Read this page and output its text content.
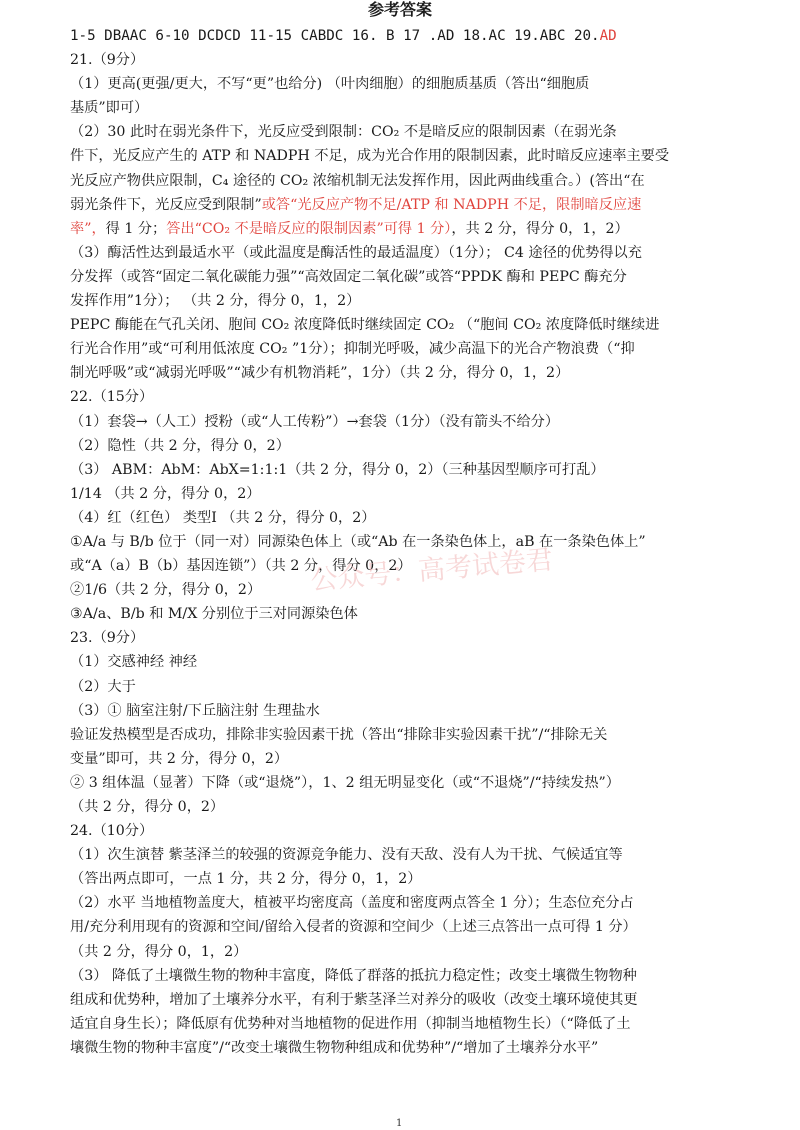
参考答案
1-5 DBAAC 6-10 DCDCD 11-15 CABDC 16. B 17 .AD 18.AC 19.ABC 20.AD
21.（9分）
（1）更高(更强/更大，不写“更”也给分) （叶肉细胞）的细胞质基质（答出“细胞质
基质”即可）
（2）30 此时在弱光条件下，光反应受到限制：CO₂ 不是暗反应的限制因素（在弱光条
件下，光反应产生的 ATP 和 NADPH 不足，成为光合作用的限制因素，此时暗反应速率主要受
光反应产物供应限制，C₄ 途径的 CO₂ 浓缩机制无法发挥作用，因此两曲线重合。）(答出“在
弱光条件下，光反应受到限制”或答“光反应产物不足/ATP 和 NADPH 不足，限制暗反应速
率”，得 1 分；答出“CO₂ 不是暗反应的限制因素”可得 1 分），共 2 分，得分 0，1，2）
（3）酶活性达到最适水平（或此温度是酶活性的最适温度）（1分）； C4 途径的优势得以充
分发挥（或答“固定二氧化碳能力强”“高效固定二氧化碳”或答“PPDK 酶和 PEPC 酶充分
发挥作用”1分）； （共 2 分，得分 0，1，2）
PEPC 酶能在气孔关闭、胞间 CO₂ 浓度降低时继续固定 CO₂ （“胞间 CO₂ 浓度降低时继续进
行光合作用”或“可利用低浓度 CO₂ ”1分）；抑制光呼吸，减少高温下的光合产物浪费（“抑
制光呼吸”或“减弱光呼吸”“减少有机物消耗”，1分）（共 2 分，得分 0，1，2）
22.（15分）
（1）套袋→（人工）授粉（或“人工传粉”）→套袋（1分）（没有箭头不给分）
（2）隐性（共 2 分，得分 0，2）
（3） ABM：AbM：AbX=1:1:1（共 2 分，得分 0，2）（三种基因型顺序可打乱）
1/14 （共 2 分，得分 0，2）
（4）红（红色） 类型Ⅰ （共 2 分，得分 0，2）
①A/a 与 B/b 位于（同一对）同源染色体上（或“Ab 在一条染色体上，aB 在一条染色体上”
或“A（a）B（b）基因连锁”）（共 2 分，得分 0，2）
②1/6（共 2 分，得分 0，2）
③A/a、B/b 和 M/X 分别位于三对同源染色体
23.（9分）
（1）交感神经 神经
（2）大于
（3）① 脑室注射/下丘脑注射 生理盐水
验证发热模型是否成功，排除非实验因素干扰（答出“排除非实验因素干扰”/“排除无关
变量”即可，共 2 分，得分 0，2）
② 3 组体温（显著）下降（或“退烧”），1、2 组无明显变化（或“不退烧”/“持续发热”）
（共 2 分，得分 0，2）
24.（10分）
（1）次生演替 紫茎泽兰的较强的资源竞争能力、没有天敌、没有人为干扰、气候适宜等
（答出两点即可，一点 1 分，共 2 分，得分 0，1，2）
（2）水平 当地植物盖度大，植被平均密度高（盖度和密度两点答全 1 分）；生态位充分占
用/充分利用现有的资源和空间/留给入侵者的资源和空间少（上述三点答出一点可得 1 分）
（共 2 分，得分 0，1，2）
（3） 降低了土壤微生物的物种丰富度，降低了群落的抵抗力稳定性；改变土壤微生物物种
组成和优势种，增加了土壤养分水平，有利于紫茎泽兰对养分的吸收（改变土壤环境使其更
适宜自身生长）；降低原有优势种对当地植物的促进作用（抑制当地植物生长）（“降低了土
壤微生物的物种丰富度”/“改变土壤微生物物种组成和优势种”/“增加了土壤养分水平”
公众号：高考试卷君
1
